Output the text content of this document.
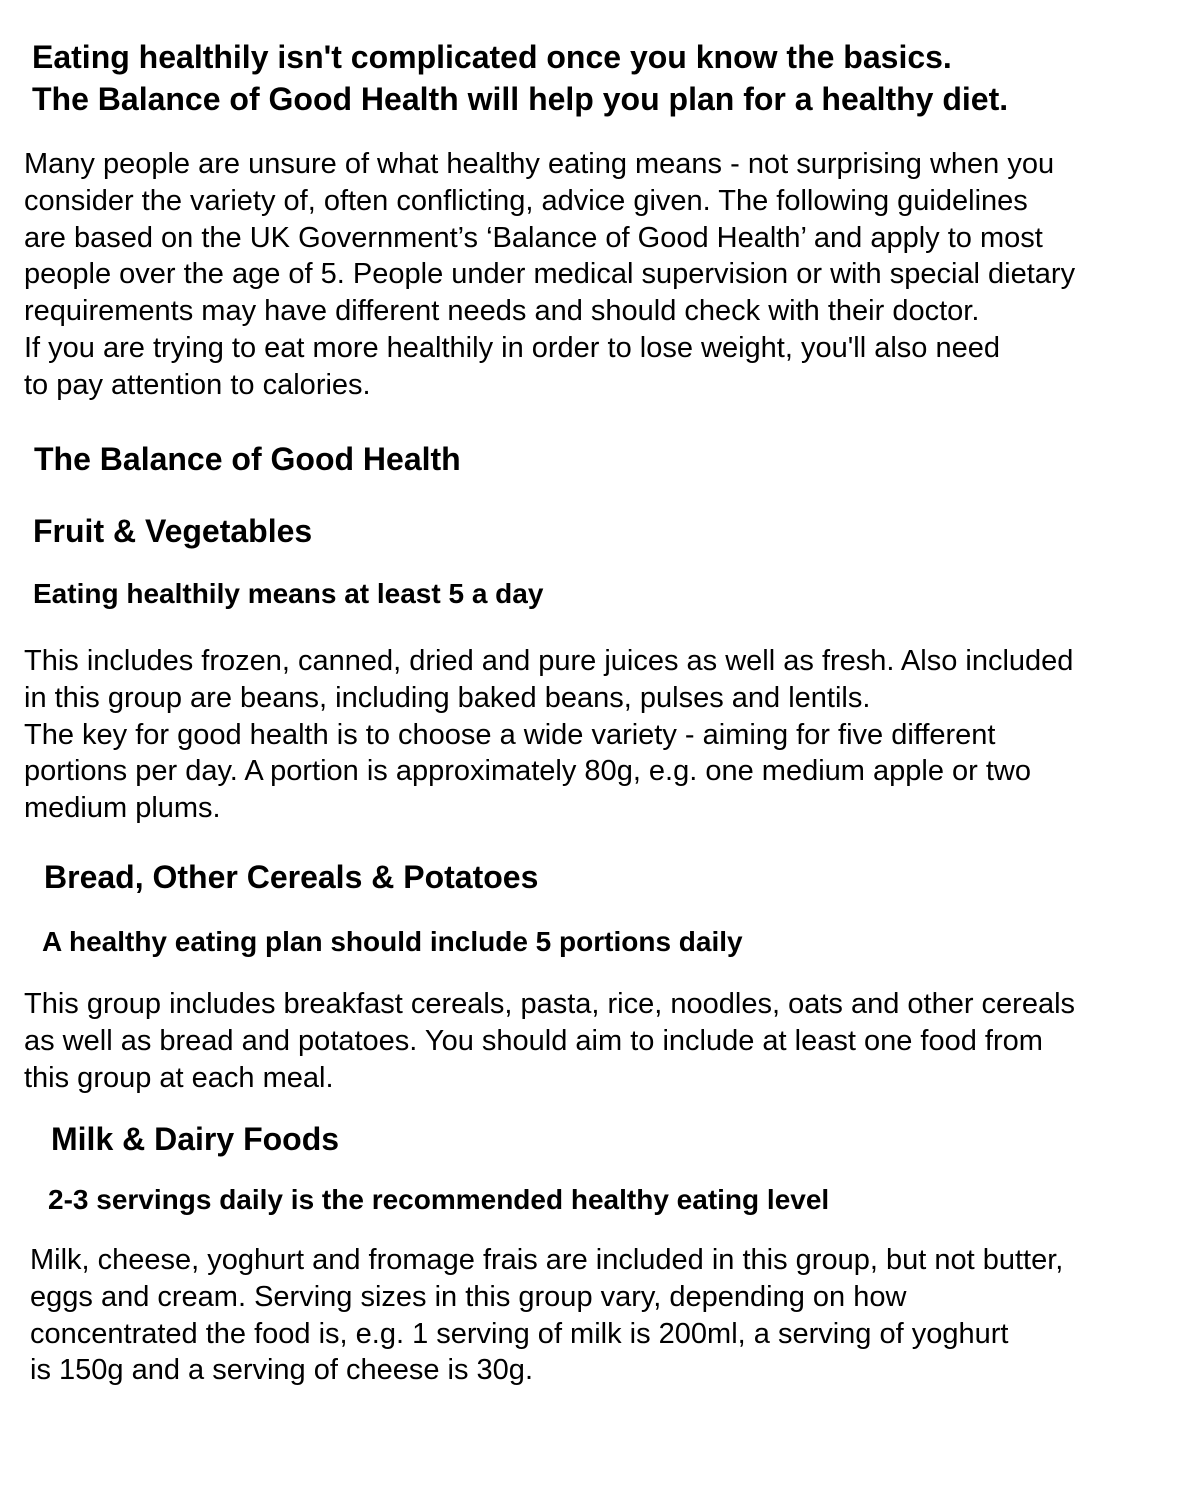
Eating healthily isn't complicated once you know the basics.
The Balance of Good Health will help you plan for a healthy diet.
Many people are unsure of what healthy eating means - not surprising when you
consider the variety of, often conflicting, advice given. The following guidelines
are based on the UK Government’s ‘Balance of Good Health’ and apply to most
people over the age of 5. People under medical supervision or with special dietary
requirements may have different needs and should check with their doctor.
If you are trying to eat more healthily in order to lose weight, you'll also need
to pay attention to calories.
The Balance of Good Health
Fruit & Vegetables
Eating healthily means at least 5 a day
This includes frozen, canned, dried and pure juices as well as fresh. Also included
in this group are beans, including baked beans, pulses and lentils.
The key for good health is to choose a wide variety - aiming for five different
portions per day. A portion is approximately 80g, e.g. one medium apple or two
medium plums.
Bread, Other Cereals & Potatoes
A healthy eating plan should include 5 portions daily
This group includes breakfast cereals, pasta, rice, noodles, oats and other cereals
as well as bread and potatoes. You should aim to include at least one food from
this group at each meal.
Milk & Dairy Foods
2-3 servings daily is the recommended healthy eating level
Milk, cheese, yoghurt and fromage frais are included in this group, but not butter,
eggs and cream. Serving sizes in this group vary, depending on how
concentrated the food is, e.g. 1 serving of milk is 200ml, a serving of yoghurt
is 150g and a serving of cheese is 30g.
